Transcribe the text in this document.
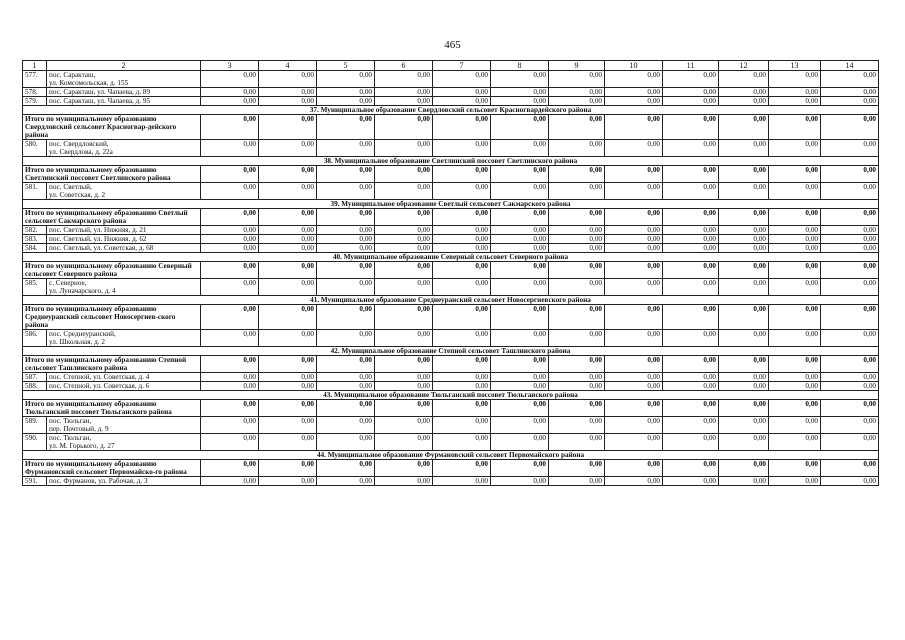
465
1	2	3	4	5	6	7	8	9	10	11	12	13	14
577.	пос. Саракташ,
ул. Комсомольская, д. 155	0,00	0,00	0,00	0,00	0,00	0,00	0,00	0,00	0,00	0,00	0,00	0,00
578.	пос. Саракташ, ул. Чапаева, д. 89	0,00	0,00	0,00	0,00	0,00	0,00	0,00	0,00	0,00	0,00	0,00	0,00
579.	пос. Саракташ, ул. Чапаева, д. 95	0,00	0,00	0,00	0,00	0,00	0,00	0,00	0,00	0,00	0,00	0,00	0,00
37. Муниципальное образование Свердловский сельсовет Красногвардейского района													
Итого по муниципальному образованию Свердловский сельсовет Красногвар-дейского района		0,00	0,00	0,00	0,00	0,00	0,00	0,00	0,00	0,00	0,00	0,00	0,00
580.	пос. Свердловский,
ул. Свердлова, д. 22а	0,00	0,00	0,00	0,00	0,00	0,00	0,00	0,00	0,00	0,00	0,00	0,00
38. Муниципальное образование Светлинский поссовет Светлинского района													
Итого по муниципальному образованию Светлинский поссовет Светлинского района		0,00	0,00	0,00	0,00	0,00	0,00	0,00	0,00	0,00	0,00	0,00	0,00
581.	пос. Светлый,
ул. Советская, д. 2	0,00	0,00	0,00	0,00	0,00	0,00	0,00	0,00	0,00	0,00	0,00	0,00
39. Муниципальное образование Светлый сельсовет Сакмарского района													
Итого по муниципальному образованию Светлый сельсовет Сакмарского района		0,00	0,00	0,00	0,00	0,00	0,00	0,00	0,00	0,00	0,00	0,00	0,00
582.	пос. Светлый, ул. Нижняя, д. 21	0,00	0,00	0,00	0,00	0,00	0,00	0,00	0,00	0,00	0,00	0,00	0,00
583.	пос. Светлый, ул. Нижняя, д. 62	0,00	0,00	0,00	0,00	0,00	0,00	0,00	0,00	0,00	0,00	0,00	0,00
584.	пос. Светлый, ул. Советская, д. 68	0,00	0,00	0,00	0,00	0,00	0,00	0,00	0,00	0,00	0,00	0,00	0,00
40. Муниципальное образование Северный сельсовет Северного района													
Итого по муниципальному образованию Северный сельсовет Северного района		0,00	0,00	0,00	0,00	0,00	0,00	0,00	0,00	0,00	0,00	0,00	0,00
585.	с. Северное,
ул. Луначарского, д. 4	0,00	0,00	0,00	0,00	0,00	0,00	0,00	0,00	0,00	0,00	0,00	0,00
41. Муниципальное образование Среднеуранский сельсовет Новосергиевского района													
Итого по муниципальному образованию Среднеуранский сельсовет Новосергиев-ского района		0,00	0,00	0,00	0,00	0,00	0,00	0,00	0,00	0,00	0,00	0,00	0,00
586.	пос. Среднеуранский,
ул. Школьная, д. 2	0,00	0,00	0,00	0,00	0,00	0,00	0,00	0,00	0,00	0,00	0,00	0,00
42. Муниципальное образование Степной сельсовет Ташлинского района													
Итого по муниципальному образованию Степной сельсовет Ташлинского района		0,00	0,00	0,00	0,00	0,00	0,00	0,00	0,00	0,00	0,00	0,00	0,00
587.	пос. Степной, ул. Советская, д. 4	0,00	0,00	0,00	0,00	0,00	0,00	0,00	0,00	0,00	0,00	0,00	0,00
588.	пос. Степной, ул. Советская, д. 6	0,00	0,00	0,00	0,00	0,00	0,00	0,00	0,00	0,00	0,00	0,00	0,00
43. Муниципальное образование Тюльганский поссовет Тюльганского района													
Итого по муниципальному образованию Тюльганский поссовет Тюльганского района		0,00	0,00	0,00	0,00	0,00	0,00	0,00	0,00	0,00	0,00	0,00	0,00
589.	пос. Тюльган,
пер. Почтовый, д. 9	0,00	0,00	0,00	0,00	0,00	0,00	0,00	0,00	0,00	0,00	0,00	0,00
590.	пос. Тюльган,
ул. М. Горького, д. 27	0,00	0,00	0,00	0,00	0,00	0,00	0,00	0,00	0,00	0,00	0,00	0,00
44. Муниципальное образование Фурмановский сельсовет Первомайского района													
Итого по муниципальному образованию Фурмановский сельсовет Первомайско-го района		0,00	0,00	0,00	0,00	0,00	0,00	0,00	0,00	0,00	0,00	0,00	0,00
591.	пос. Фурманов, ул. Рабочая, д. 3	0,00	0,00	0,00	0,00	0,00	0,00	0,00	0,00	0,00	0,00	0,00	0,00
